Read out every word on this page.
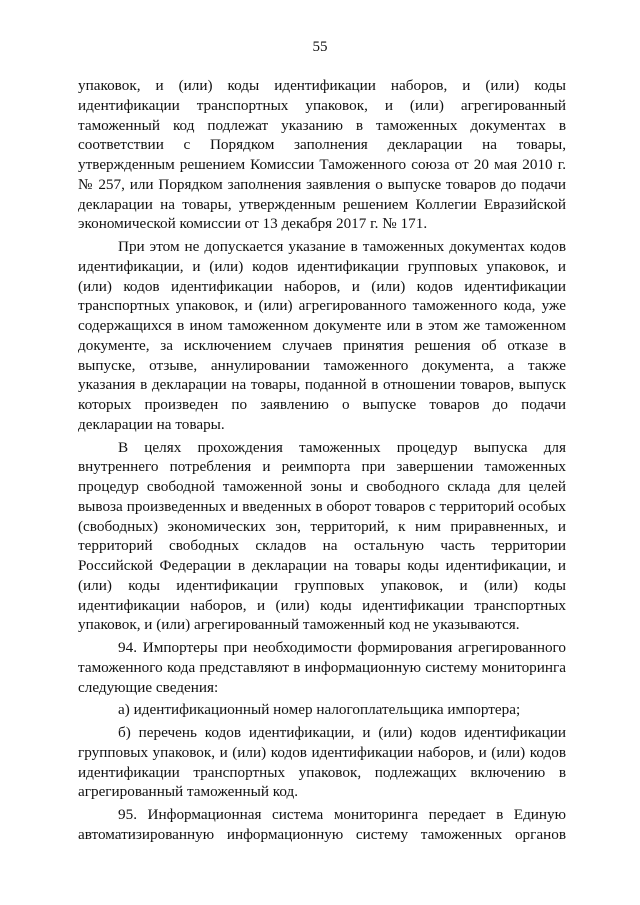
55

упаковок, и (или) коды идентификации наборов, и (или) коды идентификации транспортных упаковок, и (или) агрегированный таможенный код подлежат указанию в таможенных документах в соответствии с Порядком заполнения декларации на товары, утвержденным решением Комиссии Таможенного союза от 20 мая 2010 г. № 257, или Порядком заполнения заявления о выпуске товаров до подачи декларации на товары, утвержденным решением Коллегии Евразийской экономической комиссии от 13 декабря 2017 г. № 171.

При этом не допускается указание в таможенных документах кодов идентификации, и (или) кодов идентификации групповых упаковок, и (или) кодов идентификации наборов, и (или) кодов идентификации транспортных упаковок, и (или) агрегированного таможенного кода, уже содержащихся в ином таможенном документе или в этом же таможенном документе, за исключением случаев принятия решения об отказе в выпуске, отзыве, аннулировании таможенного документа, а также указания в декларации на товары, поданной в отношении товаров, выпуск которых произведен по заявлению о выпуске товаров до подачи декларации на товары.

В целях прохождения таможенных процедур выпуска для внутреннего потребления и реимпорта при завершении таможенных процедур свободной таможенной зоны и свободного склада для целей вывоза произведенных и введенных в оборот товаров с территорий особых (свободных) экономических зон, территорий, к ним приравненных, и территорий свободных складов на остальную часть территории Российской Федерации в декларации на товары коды идентификации, и (или) коды идентификации групповых упаковок, и (или) коды идентификации наборов, и (или) коды идентификации транспортных упаковок, и (или) агрегированный таможенный код не указываются.

94. Импортеры при необходимости формирования агрегированного таможенного кода представляют в информационную систему мониторинга следующие сведения:

а) идентификационный номер налогоплательщика импортера;

б) перечень кодов идентификации, и (или) кодов идентификации групповых упаковок, и (или) кодов идентификации наборов, и (или) кодов идентификации транспортных упаковок, подлежащих включению в агрегированный таможенный код.

95. Информационная система мониторинга передает в Единую автоматизированную информационную систему таможенных органов
